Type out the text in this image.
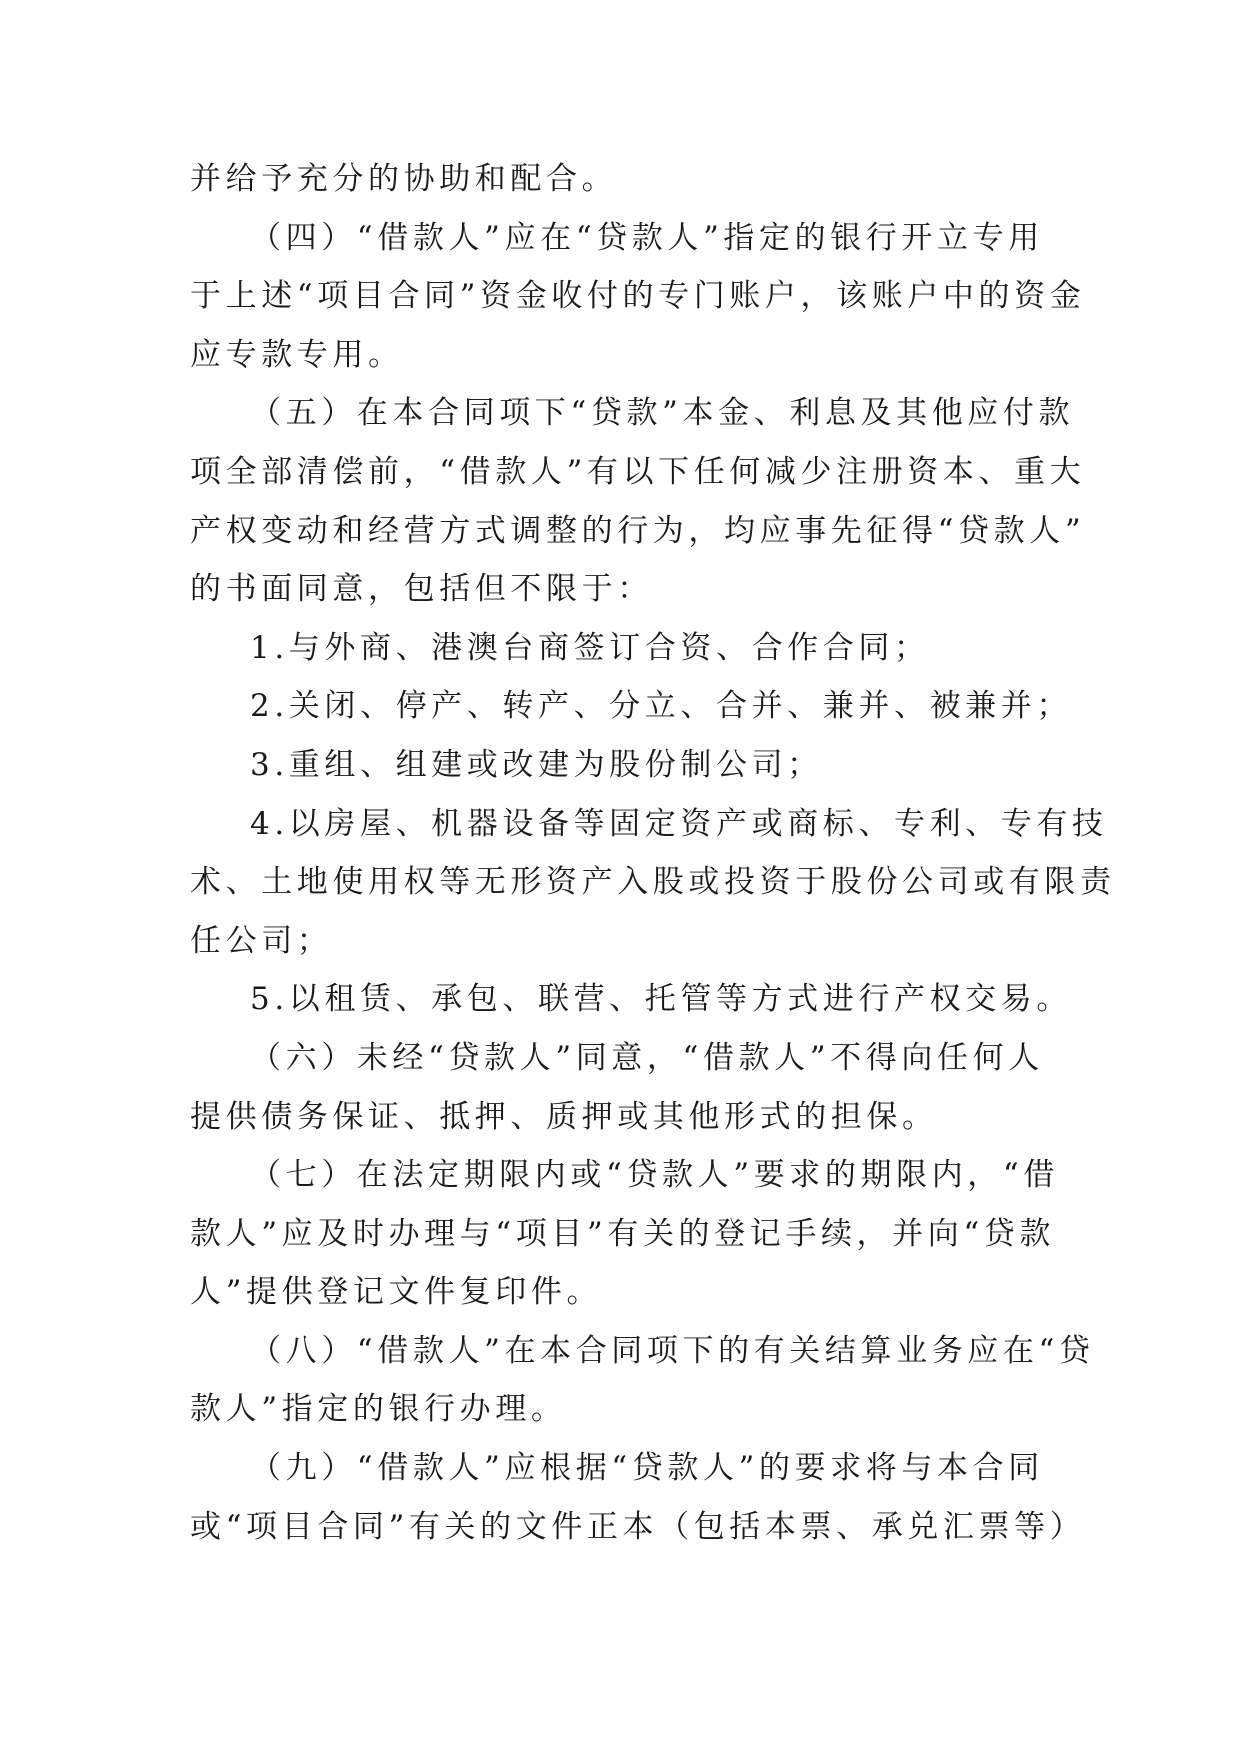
并给予充分的协助和配合。
（四）“借款人”应在“贷款人”指定的银行开立专用
于上述“项目合同”资金收付的专门账户，该账户中的资金
应专款专用。
（五）在本合同项下“贷款”本金、利息及其他应付款
项全部清偿前，“借款人”有以下任何减少注册资本、重大
产权变动和经营方式调整的行为，均应事先征得“贷款人”
的书面同意，包括但不限于：
1.与外商、港澳台商签订合资、合作合同；
2.关闭、停产、转产、分立、合并、兼并、被兼并；
3.重组、组建或改建为股份制公司；
4.以房屋、机器设备等固定资产或商标、专利、专有技
术、土地使用权等无形资产入股或投资于股份公司或有限责
任公司；
5.以租赁、承包、联营、托管等方式进行产权交易。
（六）未经“贷款人”同意，“借款人”不得向任何人
提供债务保证、抵押、质押或其他形式的担保。
（七）在法定期限内或“贷款人”要求的期限内，“借
款人”应及时办理与“项目”有关的登记手续，并向“贷款
人”提供登记文件复印件。
（八）“借款人”在本合同项下的有关结算业务应在“贷
款人”指定的银行办理。
（九）“借款人”应根据“贷款人”的要求将与本合同
或“项目合同”有关的文件正本（包括本票、承兑汇票等）
